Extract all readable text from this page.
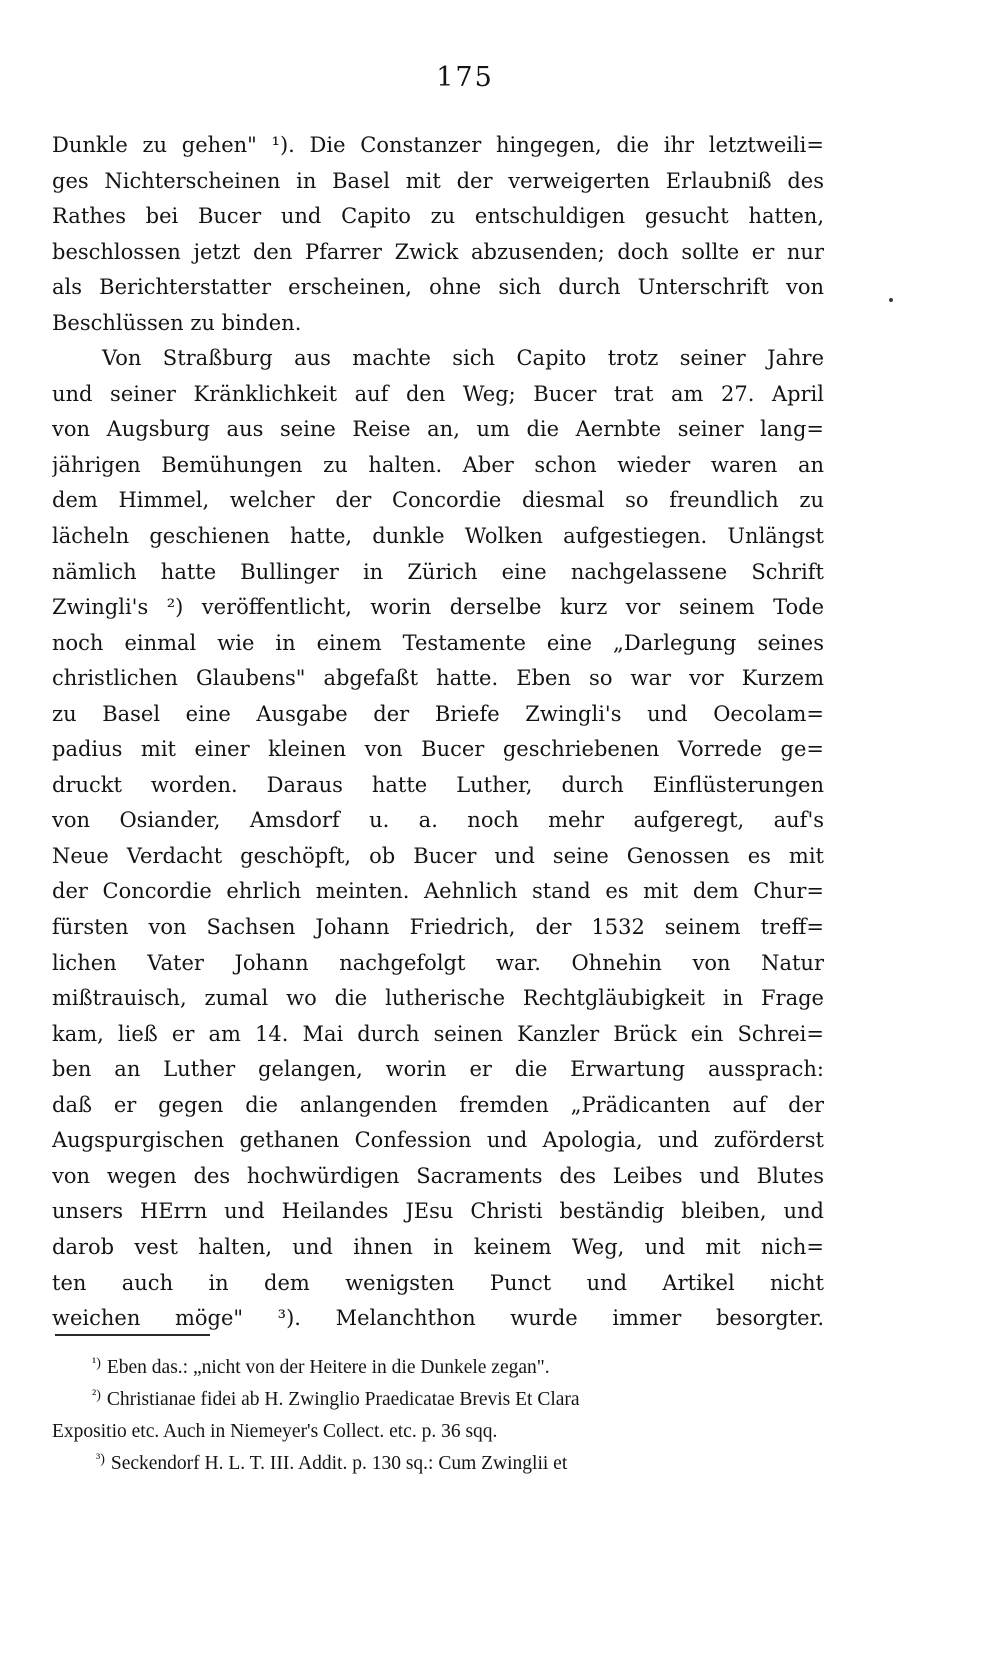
175
Dunkle zu gehen" ¹). Die Constanzer hingegen, die ihr letztweili=
ges Nichterscheinen in Basel mit der verweigerten Erlaubniß des
Rathes bei Bucer und Capito zu entschuldigen gesucht hatten,
beschlossen jetzt den Pfarrer Zwick abzusenden; doch sollte er nur
als Berichterstatter erscheinen, ohne sich durch Unterschrift von
Beschlüssen zu binden.
Von Straßburg aus machte sich Capito trotz seiner Jahre
und seiner Kränklichkeit auf den Weg; Bucer trat am 27. April
von Augsburg aus seine Reise an, um die Aernbte seiner lang=
jährigen Bemühungen zu halten. Aber schon wieder waren an
dem Himmel, welcher der Concordie diesmal so freundlich zu
lächeln geschienen hatte, dunkle Wolken aufgestiegen. Unlängst
nämlich hatte Bullinger in Zürich eine nachgelassene Schrift
Zwingli's ²) veröffentlicht, worin derselbe kurz vor seinem Tode
noch einmal wie in einem Testamente eine „Darlegung seines
christlichen Glaubens" abgefaßt hatte. Eben so war vor Kurzem
zu Basel eine Ausgabe der Briefe Zwingli's und Oecolam=
padius mit einer kleinen von Bucer geschriebenen Vorrede ge=
druckt worden. Daraus hatte Luther, durch Einflüsterungen
von Osiander, Amsdorf u. a. noch mehr aufgeregt, auf's
Neue Verdacht geschöpft, ob Bucer und seine Genossen es mit
der Concordie ehrlich meinten. Aehnlich stand es mit dem Chur=
fürsten von Sachsen Johann Friedrich, der 1532 seinem treff=
lichen Vater Johann nachgefolgt war. Ohnehin von Natur
mißtrauisch, zumal wo die lutherische Rechtgläubigkeit in Frage
kam, ließ er am 14. Mai durch seinen Kanzler Brück ein Schrei=
ben an Luther gelangen, worin er die Erwartung aussprach:
daß er gegen die anlangenden fremden „Prädicanten auf der
Augspurgischen gethanen Confession und Apologia, und zuförderst
von wegen des hochwürdigen Sacraments des Leibes und Blutes
unsers HErrn und Heilandes JEsu Christi beständig bleiben, und
darob vest halten, und ihnen in keinem Weg, und mit nich=
ten auch in dem wenigsten Punct und Artikel nicht
weichen möge" ³). Melanchthon wurde immer besorgter.
$^{^1)}$ Eben das.: „nicht von der Heitere in die Dunkele zegan".
$^{^2)}$ Christianae fidei ab H. Zwinglio Praedicatae Brevis Et Clara
Expositio etc. Auch in Niemeyer's Collect. etc. p. 36 sqq.
$^{^3)}$ Seckendorf H. L. T. III. Addit. p. 130 sq.: Cum Zwinglii et
